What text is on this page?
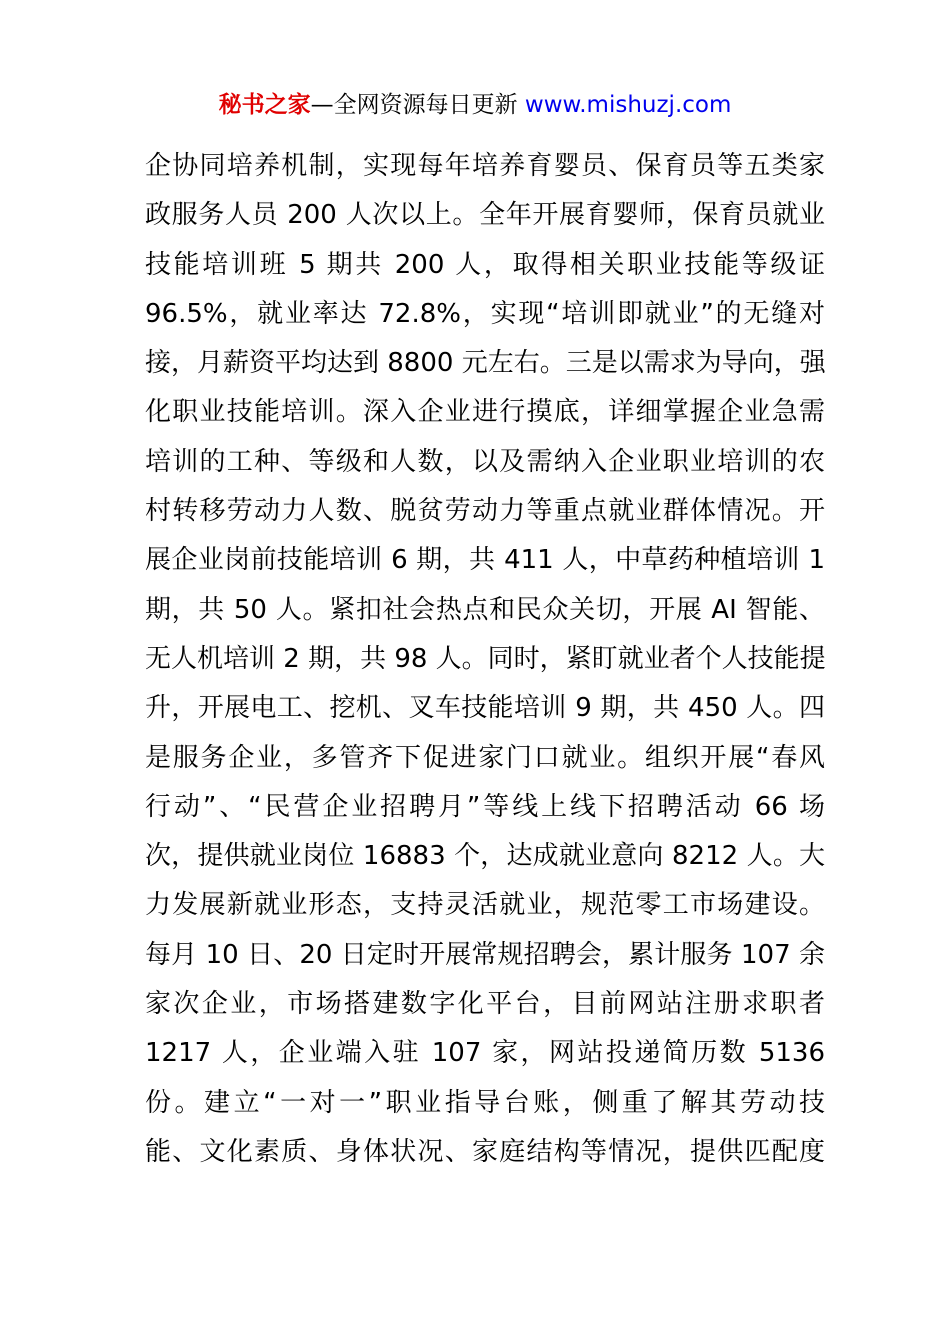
秘书之家—全网资源每日更新 www.mishuzj.com
企协同培养机制，实现每年培养育婴员、保育员等五类家
政服务人员 200 人次以上。全年开展育婴师，保育员就业
技能培训班 5 期共 200 人，取得相关职业技能等级证
96.5%，就业率达 72.8%，实现“培训即就业”的无缝对
接，月薪资平均达到 8800 元左右。三是以需求为导向，强
化职业技能培训。深入企业进行摸底，详细掌握企业急需
培训的工种、等级和人数，以及需纳入企业职业培训的农
村转移劳动力人数、脱贫劳动力等重点就业群体情况。开
展企业岗前技能培训 6 期，共 411 人，中草药种植培训 1
期，共 50 人。紧扣社会热点和民众关切，开展 AI 智能、
无人机培训 2 期，共 98 人。同时，紧盯就业者个人技能提
升，开展电工、挖机、叉车技能培训 9 期，共 450 人。四
是服务企业，多管齐下促进家门口就业。组织开展“春风
行动”、“民营企业招聘月”等线上线下招聘活动 66 场
次，提供就业岗位 16883 个，达成就业意向 8212 人。大
力发展新就业形态，支持灵活就业，规范零工市场建设。
每月 10 日、20 日定时开展常规招聘会，累计服务 107 余
家次企业，市场搭建数字化平台，目前网站注册求职者
1217 人，企业端入驻 107 家，网站投递简历数 5136
份。建立“一对一”职业指导台账，侧重了解其劳动技
能、文化素质、身体状况、家庭结构等情况，提供匹配度
